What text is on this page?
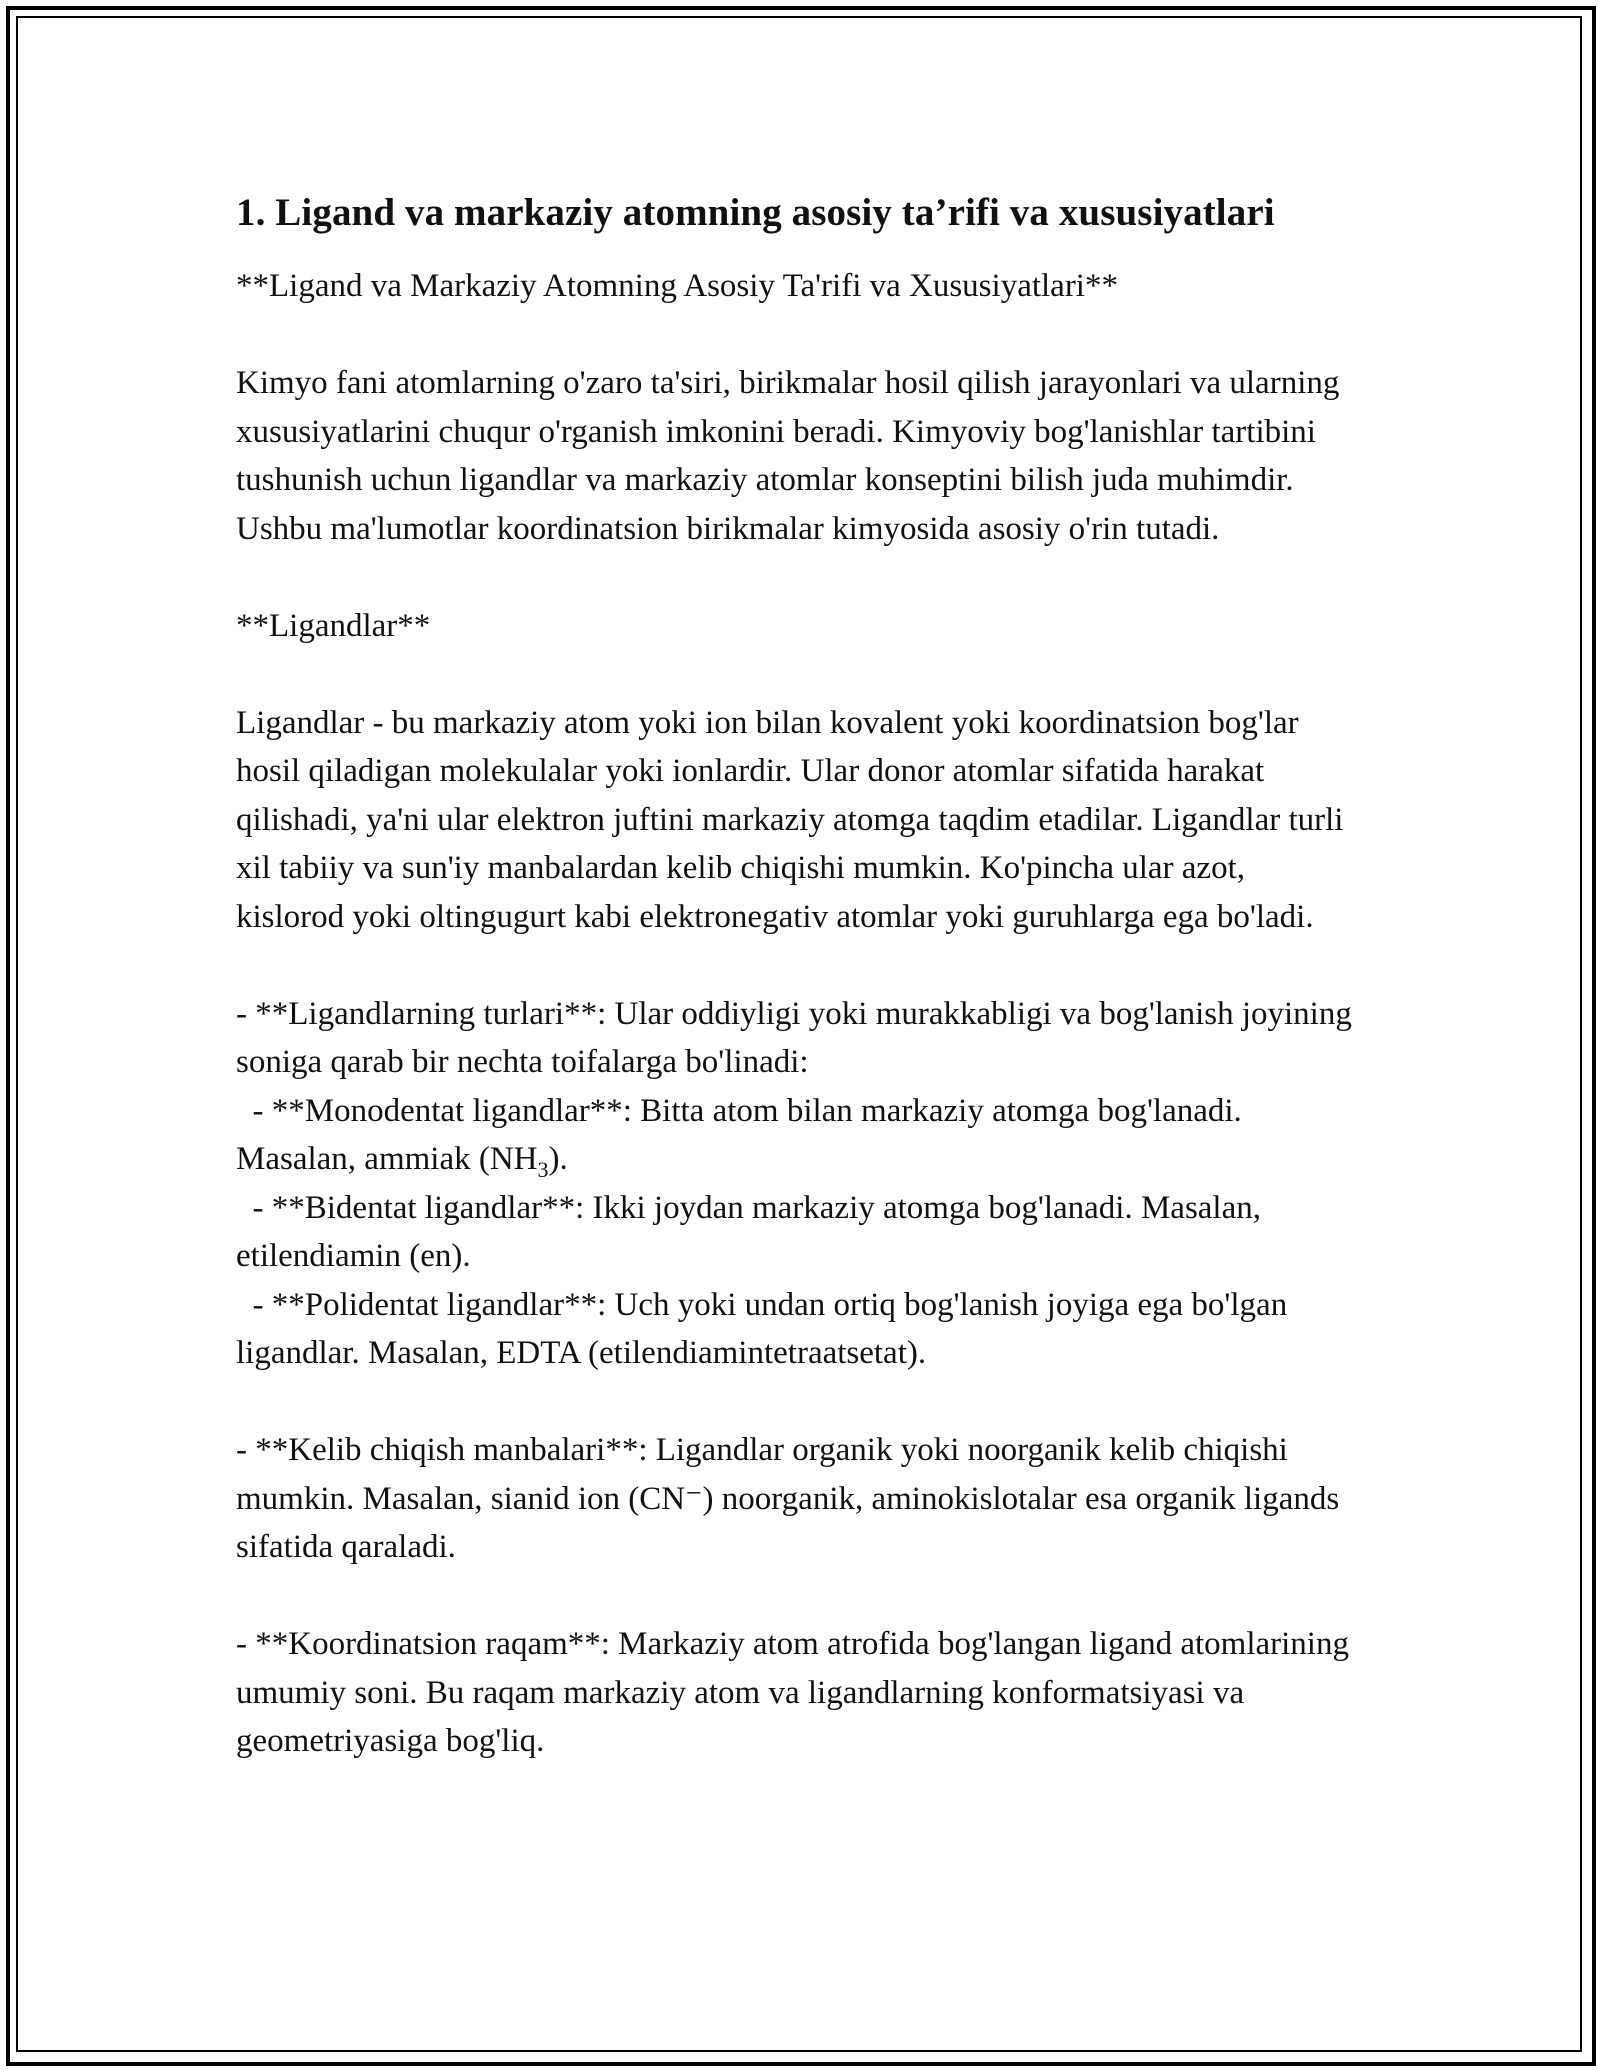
1. Ligand va markaziy atomning asosiy ta’rifi va xususiyatlari

**Ligand va Markaziy Atomning Asosiy Ta'rifi va Xususiyatlari**

Kimyo fani atomlarning o'zaro ta'siri, birikmalar hosil qilish jarayonlari va ularning xususiyatlarini chuqur o'rganish imkonini beradi. Kimyoviy bog'lanishlar tartibini tushunish uchun ligandlar va markaziy atomlar konseptini bilish juda muhimdir. Ushbu ma'lumotlar koordinatsion birikmalar kimyosida asosiy o'rin tutadi.

**Ligandlar**

Ligandlar - bu markaziy atom yoki ion bilan kovalent yoki koordinatsion bog'lar hosil qiladigan molekulalar yoki ionlardir. Ular donor atomlar sifatida harakat qilishadi, ya'ni ular elektron juftini markaziy atomga taqdim etadilar. Ligandlar turli xil tabiiy va sun'iy manbalardan kelib chiqishi mumkin. Ko'pincha ular azot, kislorod yoki oltingugurt kabi elektronegativ atomlar yoki guruhlarga ega bo'ladi.

- **Ligandlarning turlari**: Ular oddiyligi yoki murakkabligi va bog'lanish joyining soniga qarab bir nechta toifalarga bo'linadi:

- **Monodentat ligandlar**: Bitta atom bilan markaziy atomga bog'lanadi. Masalan, ammiak $(NH_3)$.

- **Bidentat ligandlar**: Ikki joydan markaziy atomga bog'lanadi. Masalan, etilendiamin (en).

- **Polidentat ligandlar**: Uch yoki undan ortiq bog'lanish joyiga ega bo'lgan ligandlar. Masalan, EDTA (etilendiamintetraatsetat).

- **Kelib chiqish manbalari**: Ligandlar organik yoki noorganik kelib chiqishi mumkin. Masalan, sianid ion (CN⁻) noorganik, aminokislotalar esa organik ligands sifatida qaraladi.

- **Koordinatsion raqam**: Markaziy atom atrofida bog'langan ligand atomlarining umumiy soni. Bu raqam markaziy atom va ligandlarning konformatsiyasi va geometriyasiga bog'liq.
